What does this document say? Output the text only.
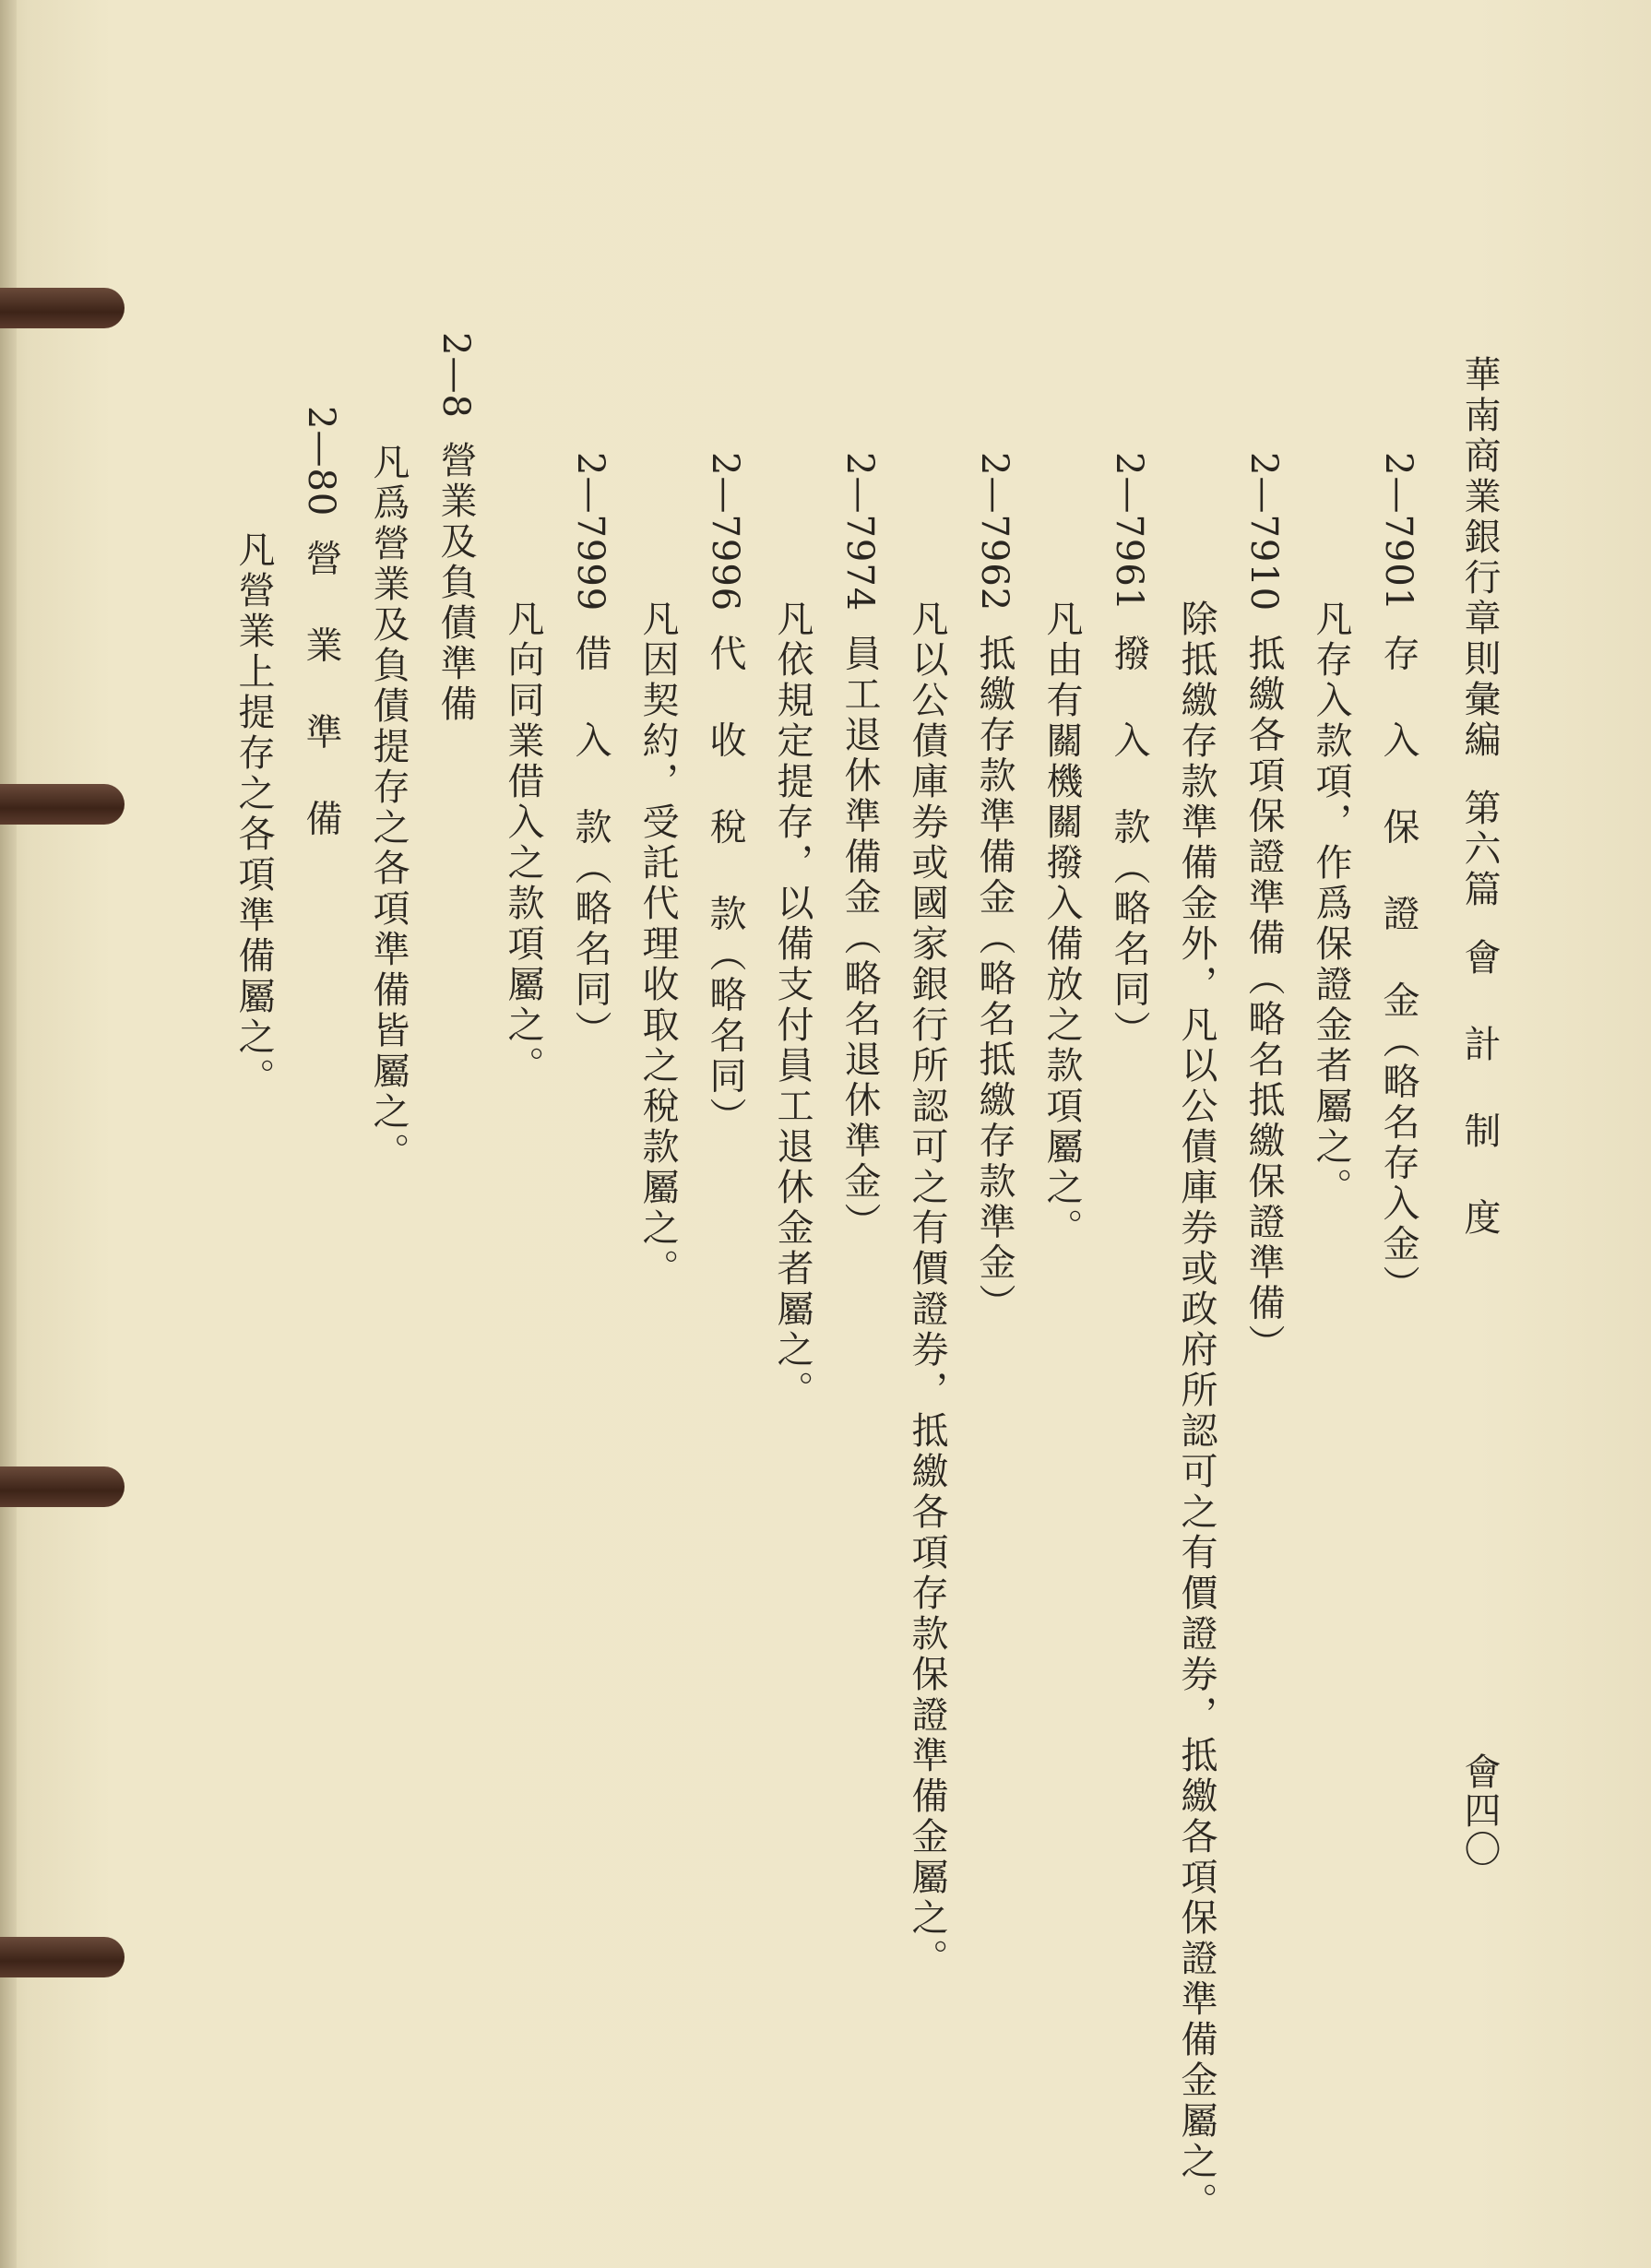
華南商業銀行章則彙編第六篇會 計 制 度
會四〇
2—7901存 入 保 證 金（略名存入金）
凡存入款項，作爲保證金者屬之。
2—7910抵繳各項保證準備（略名抵繳保證準備）
除抵繳存款準備金外，凡以公債庫券或政府所認可之有價證券，抵繳各項保證準備金屬之。
2—7961撥 入 款（略名同）
凡由有關機關撥入備放之款項屬之。
2—7962抵繳存款準備金（略名抵繳存款準金）
凡以公債庫券或國家銀行所認可之有價證券，抵繳各項存款保證準備金屬之。
2—7974員工退休準備金（略名退休準金）
凡依規定提存，以備支付員工退休金者屬之。
2—7996代 收 稅 款（略名同）
凡因契約，受託代理收取之稅款屬之。
2—7999借 入 款（略名同）
凡向同業借入之款項屬之。
2—8營業及負債準備
凡爲營業及負債提存之各項準備皆屬之。
2—80營 業 準 備
凡營業上提存之各項準備屬之。
